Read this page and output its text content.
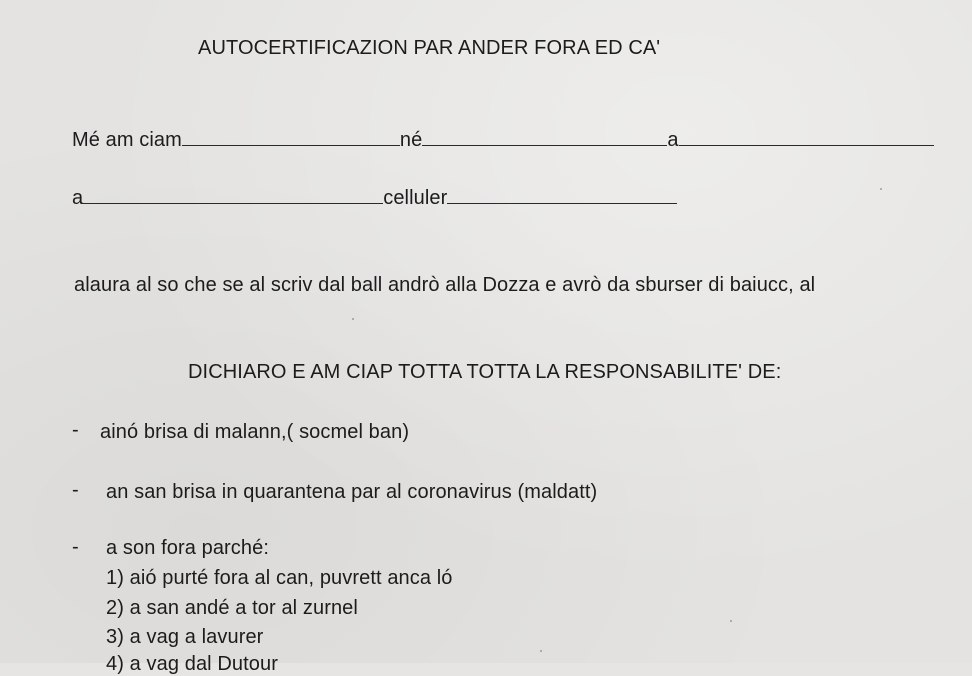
AUTOCERTIFICAZION PAR ANDER FORA ED CA'
Mé am ciam	né	a
a	celluler
alaura al so che se al scriv dal ball andrò alla Dozza e avrò da sburser di baiucc, al
DICHIARO E AM CIAP TOTTA TOTTA LA RESPONSABILITE' DE:
- ainó brisa di malann,( socmel ban)
- an san brisa in quarantena par al coronavirus (maldatt)
- a son fora parché:
1) aió purté fora al can, puvrett anca ló
2) a san andé a tor al zurnel
3) a vag a lavurer
4) a vag dal Dutour
